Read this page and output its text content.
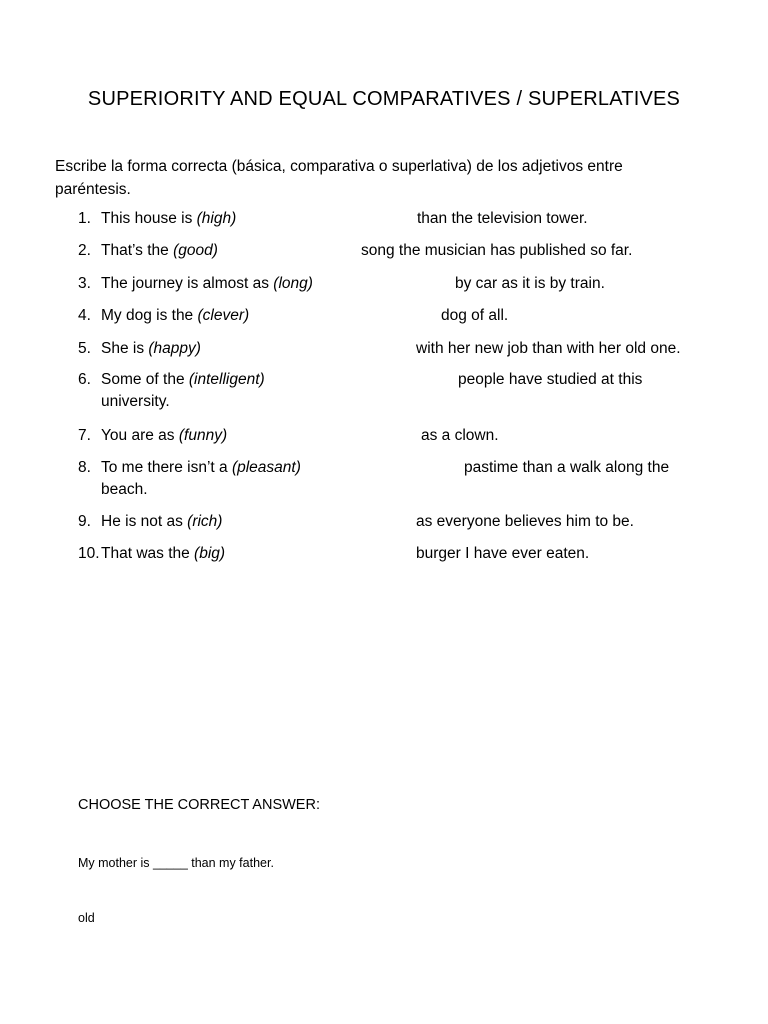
SUPERIORITY AND EQUAL COMPARATIVES / SUPERLATIVES
Escribe la forma correcta (básica, comparativa o superlativa) de los adjetivos entre paréntesis.
1. This house is (high)	than the television tower.
2. That’s the (good)	song the musician has published so far.
3. The journey is almost as (long)	by car as it is by train.
4. My dog is the (clever)	dog of all.
5. She is (happy)	with her new job than with her old one.
6. Some of the (intelligent)	people have studied at this
university.
7. You are as (funny)	as a clown.
8. To me there isn’t a (pleasant)	pastime than a walk along the
beach.
9. He is not as (rich)	as everyone believes him to be.
10. That was the (big)	burger I have ever eaten.
CHOOSE THE CORRECT ANSWER:
My mother is _____ than my father.
old
